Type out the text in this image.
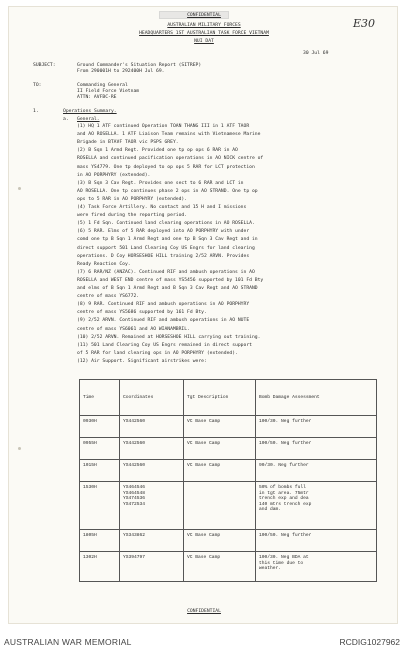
CONFIDENTIAL
E30
AUSTRALIAN MILITARY FORCES
HEADQUARTERS 1ST AUSTRALIAN TASK FORCE VIETNAM
NUI DAT
30 Jul 69
SUBJECT:	Ground Commander's Situation Report (SITREP)
From 290001H to 292400H Jul 69.
TO:	Commanding General
II Field Force Vietnam
ATTN: AVFBC-RE
1.	Operations Summary.
a. General.
(1) HQ 1 ATF continued Operation TOAN THANG III in 1 ATF TAOR
and AO ROSELLA. 1 ATF Liaison Team remains with Vietnamese Marine
Brigade in BTAVF TAOR vic PSPS GREY.
(2) B Sqn 1 Armd Regt. Provided one tp op ops 6 RAR in AO
ROSELLA and continued pacification operations in AO NICK centre of
mass YS4779. One tp deployed to op ops 5 RAR for LCT protection
in AO PORPHYRY (extended).
(3) B Sqn 3 Cav Regt. Provides one sect to 6 RAR and LCT in
AO ROSELLA. One tp continues phase 2 ops in AO STRAND. One tp op
ops to 5 RAR in AO PORPHYRY (extended).
(4) Task Force Artillery. No contact and 15 H and I missions
were fired during the reporting period.
(5) 1 Fd Sqn. Continued land clearing operations in AO ROSELLA.
(6) 5 RAR. Elms of 5 RAR deployed into AO PORPHYRY with under
comd one tp B Sqn 1 Armd Regt and one tp B Sqn 3 Cav Regt and in
direct support 501 Land Clearing Coy US Engrs for land clearing
operations. D Coy HORSESHOE HILL training 2/52 ARVN. Provides
Ready Reaction Coy.
(7) 6 RAR/NZ (ANZAC). Continued RIF and ambush operations in AO
ROSELLA and WEST END centre of mass YS5456 supported by 101 Fd Bty
and elms of B Sqn 1 Armd Regt and B Sqn 3 Cav Regt and AO STRAND
centre of mass YS6772.
(8) 9 RAR. Continued RIF and ambush operations in AO PORPHYRY
centre of mass YS5686 supported by 161 Fd Bty.
(9) 2/52 ARVN. Continued RIF and ambush operations in AO NUTE
centre of mass YS6061 and AO WIANAMBRIL.
(10) 2/52 ARVN. Remained at HORSESHOE HILL carrying out training.
(11) 501 Land Clearing Coy US Engrs remained in direct support
of 5 RAR for land clearing ops in AO PORPHYRY (extended).
(12) Air Support. Significant airstrikes were:
Time	Coordinates	Tgt Description	Bomb Damage Assessment
0930H	YS442560	VC Base Camp	100/30. Neg further
0955H	YS442560	VC Base Camp	100/50. Neg further
1015H	YS442560	VC Base Camp	90/30. Neg further
1530H	YS464546
YS464548
YS474536
YS472534		50% of bombs full
in tgt area. 75mtr
trench exp and dea
140 mtrs trench exp
and dam.
1805H	YS343862	VC Base Camp	100/50. Neg further
1302H	YS394797	VC Base Camp	100/30. Neg BDA at
this time due to
weather.
CONFIDENTIAL
AUSTRALIAN WAR MEMORIAL	RCDIG1027962
